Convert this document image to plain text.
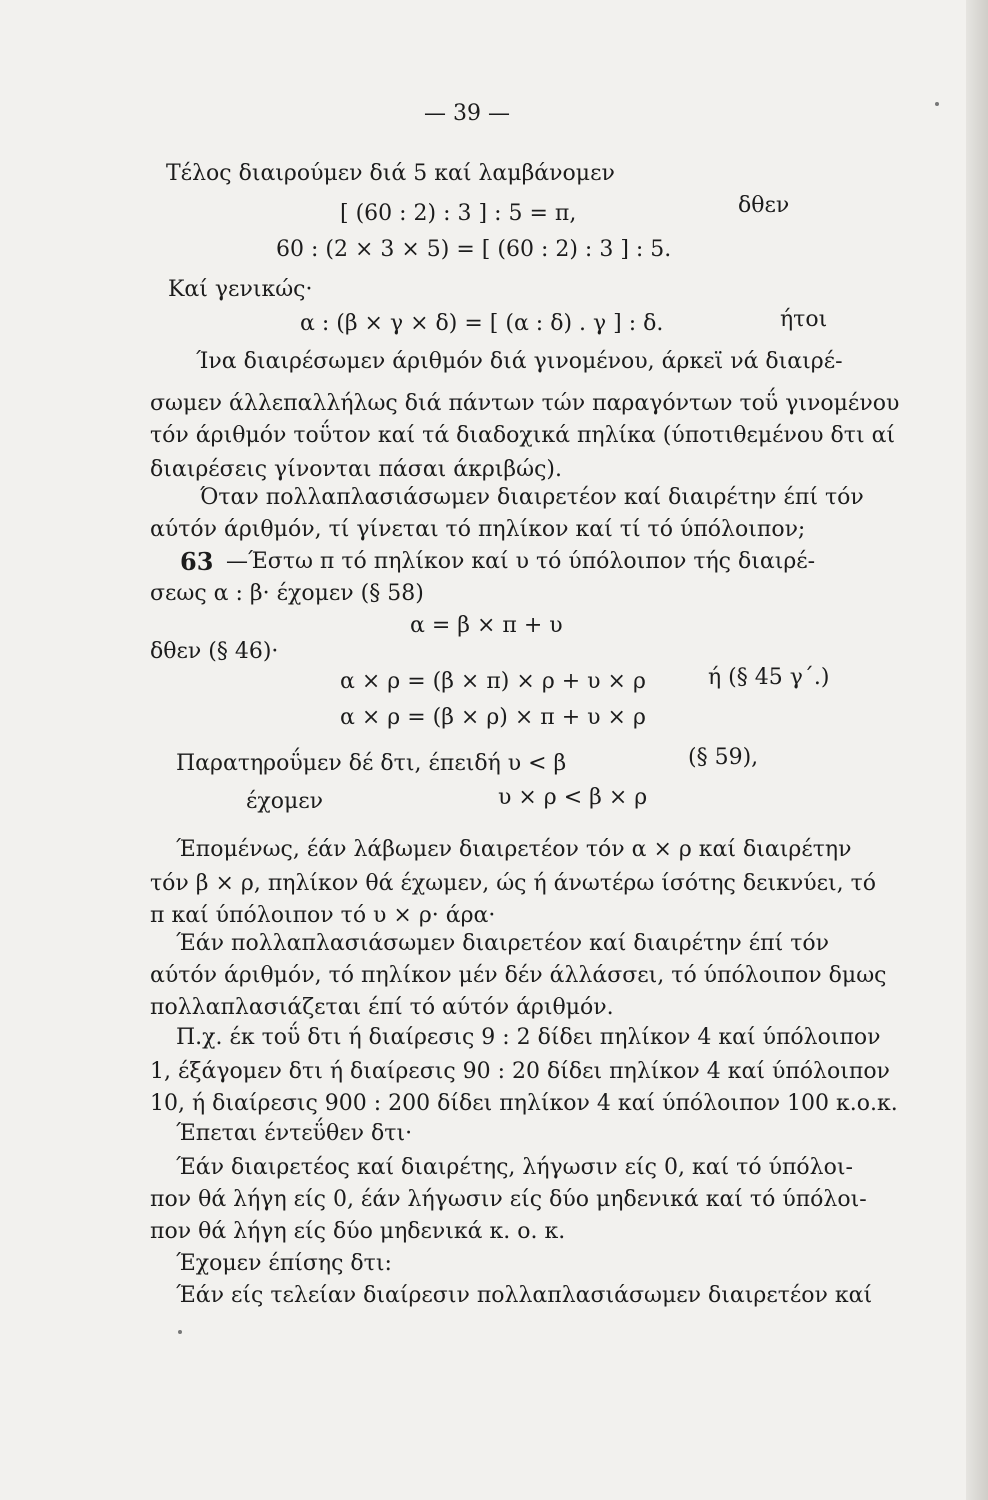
— 39 —
Τέλος διαιρούμεν διά 5 καί λαμβάνομεν
[ (60 : 2) : 3 ] : 5 = π,	δθεν
60 : (2 × 3 × 5) = [ (60 : 2) : 3 ] : 5.
Καί γενικώς·
α : (β × γ × δ) = [ (α : δ) . γ ] : δ.	ήτοι
Ίνα διαιρέσωμεν άριθμόν διά γινομένου, άρκεϊ νά διαιρέ-
σωμεν άλλεπαλλήλως διά πάντων τών παραγόντων τοΰ γινομένου
τόν άριθμόν τοΰτον καί τά διαδοχικά πηλίκα (ύποτιθεμένου δτι αί
διαιρέσεις γίνονται πάσαι άκριβώς).
Όταν πολλαπλασιάσωμεν διαιρετέον καί διαιρέτην έπί τόν
αύτόν άριθμόν, τί γίνεται τό πηλίκον καί τί τό ύπόλοιπον;
63 —Έστω π τό πηλίκον καί υ τό ύπόλοιπον τής διαιρέ-
σεως α : β· έχομεν (§ 58)
α = β × π + υ
δθεν (§ 46)·
α × ρ = (β × π) × ρ + υ × ρ	ή (§ 45 γ΄.)
α × ρ = (β × ρ) × π + υ × ρ
Παρατηροΰμεν δέ δτι, έπειδή υ < β	(§ 59),
έχομεν	υ × ρ < β × ρ
Έπομένως, έάν λάβωμεν διαιρετέον τόν α × ρ καί διαιρέτην
τόν β × ρ, πηλίκον θά έχωμεν, ώς ή άνωτέρω ίσότης δεικνύει, τό
π καί ύπόλοιπον τό υ × ρ· άρα·
Έάν πολλαπλασιάσωμεν διαιρετέον καί διαιρέτην έπί τόν
αύτόν άριθμόν, τό πηλίκον μέν δέν άλλάσσει, τό ύπόλοιπον δμως
πολλαπλασιάζεται έπί τό αύτόν άριθμόν.
Π.χ. έκ τοΰ δτι ή διαίρεσις 9 : 2 δίδει πηλίκον 4 καί ύπόλοιπον
1, έξάγομεν δτι ή διαίρεσις 90 : 20 δίδει πηλίκον 4 καί ύπόλοιπον
10, ή διαίρεσις 900 : 200 δίδει πηλίκον 4 καί ύπόλοιπον 100 κ.ο.κ.
Έπεται έντεΰθεν δτι·
Έάν διαιρετέος καί διαιρέτης, λήγωσιν είς 0, καί τό ύπόλοι-
πον θά λήγη είς 0, έάν λήγωσιν είς δύο μηδενικά καί τό ύπόλοι-
πον θά λήγη είς δύο μηδενικά κ. ο. κ.
Έχομεν έπίσης δτι:
Έάν είς τελείαν διαίρεσιν πολλαπλασιάσωμεν διαιρετέον καί
